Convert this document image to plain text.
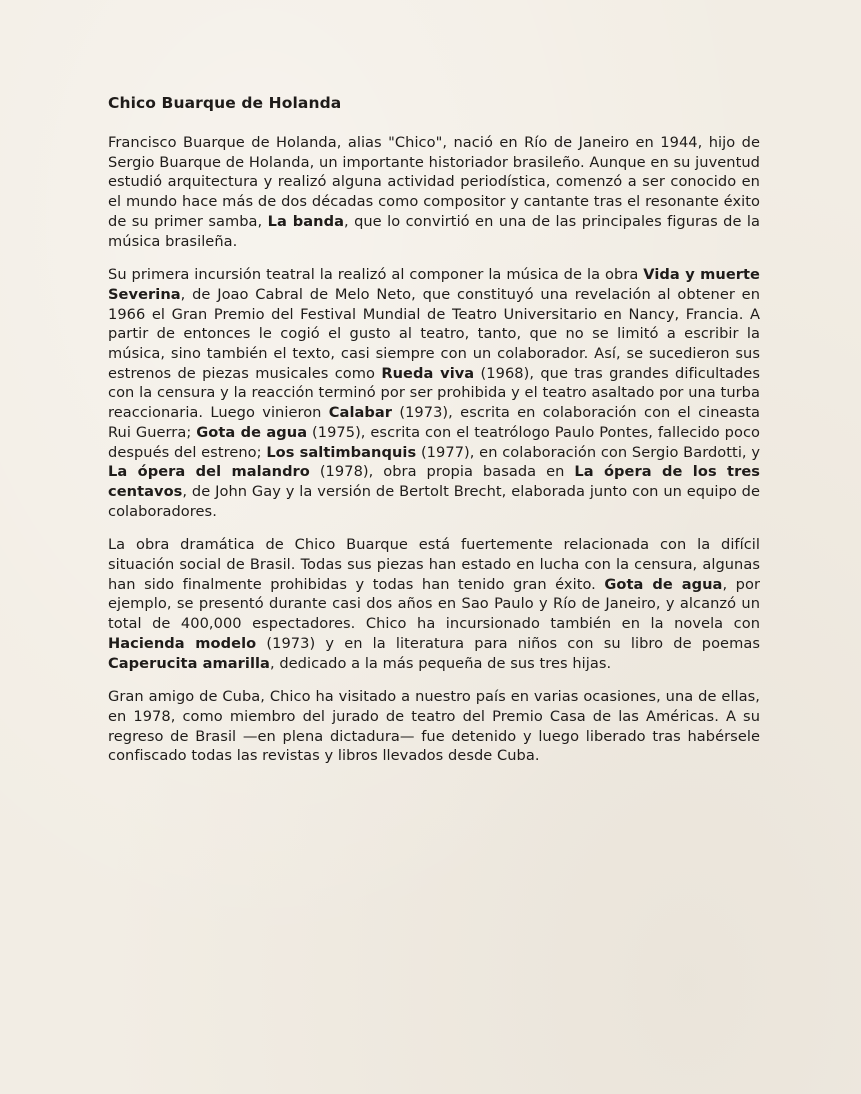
Chico Buarque de Holanda

Francisco Buarque de Holanda, alias "Chico", nació en Río de Janeiro en 1944, hijo de Sergio Buarque de Holanda, un importante historiador brasileño. Aunque en su juventud estudió arquitectura y realizó alguna actividad periodística, comenzó a ser conocido en el mundo hace más de dos décadas como compositor y cantante tras el resonante éxito de su primer samba, La banda, que lo convirtió en una de las principales figuras de la música brasileña.

Su primera incursión teatral la realizó al componer la música de la obra Vida y muerte Severina, de Joao Cabral de Melo Neto, que constituyó una revelación al obtener en 1966 el Gran Premio del Festival Mundial de Teatro Universitario en Nancy, Francia. A partir de entonces le cogió el gusto al teatro, tanto, que no se limitó a escribir la música, sino también el texto, casi siempre con un colaborador. Así, se sucedieron sus estrenos de piezas musicales como Rueda viva (1968), que tras grandes dificultades con la censura y la reacción terminó por ser prohibida y el teatro asaltado por una turba reaccionaria. Luego vinieron Calabar (1973), escrita en colaboración con el cineasta Rui Guerra; Gota de agua (1975), escrita con el teatrólogo Paulo Pontes, fallecido poco después del estreno; Los saltimbanquis (1977), en colaboración con Sergio Bardotti, y La ópera del malandro (1978), obra propia basada en La ópera de los tres centavos, de John Gay y la versión de Bertolt Brecht, elaborada junto con un equipo de colaboradores.

La obra dramática de Chico Buarque está fuertemente relacionada con la difícil situación social de Brasil. Todas sus piezas han estado en lucha con la censura, algunas han sido finalmente prohibidas y todas han tenido gran éxito. Gota de agua, por ejemplo, se presentó durante casi dos años en Sao Paulo y Río de Janeiro, y alcanzó un total de 400,000 espectadores. Chico ha incursionado también en la novela con Hacienda modelo (1973) y en la literatura para niños con su libro de poemas Caperucita amarilla, dedicado a la más pequeña de sus tres hijas.

Gran amigo de Cuba, Chico ha visitado a nuestro país en varias ocasiones, una de ellas, en 1978, como miembro del jurado de teatro del Premio Casa de las Américas. A su regreso de Brasil —en plena dictadura— fue detenido y luego liberado tras habérsele confiscado todas las revistas y libros llevados desde Cuba.
